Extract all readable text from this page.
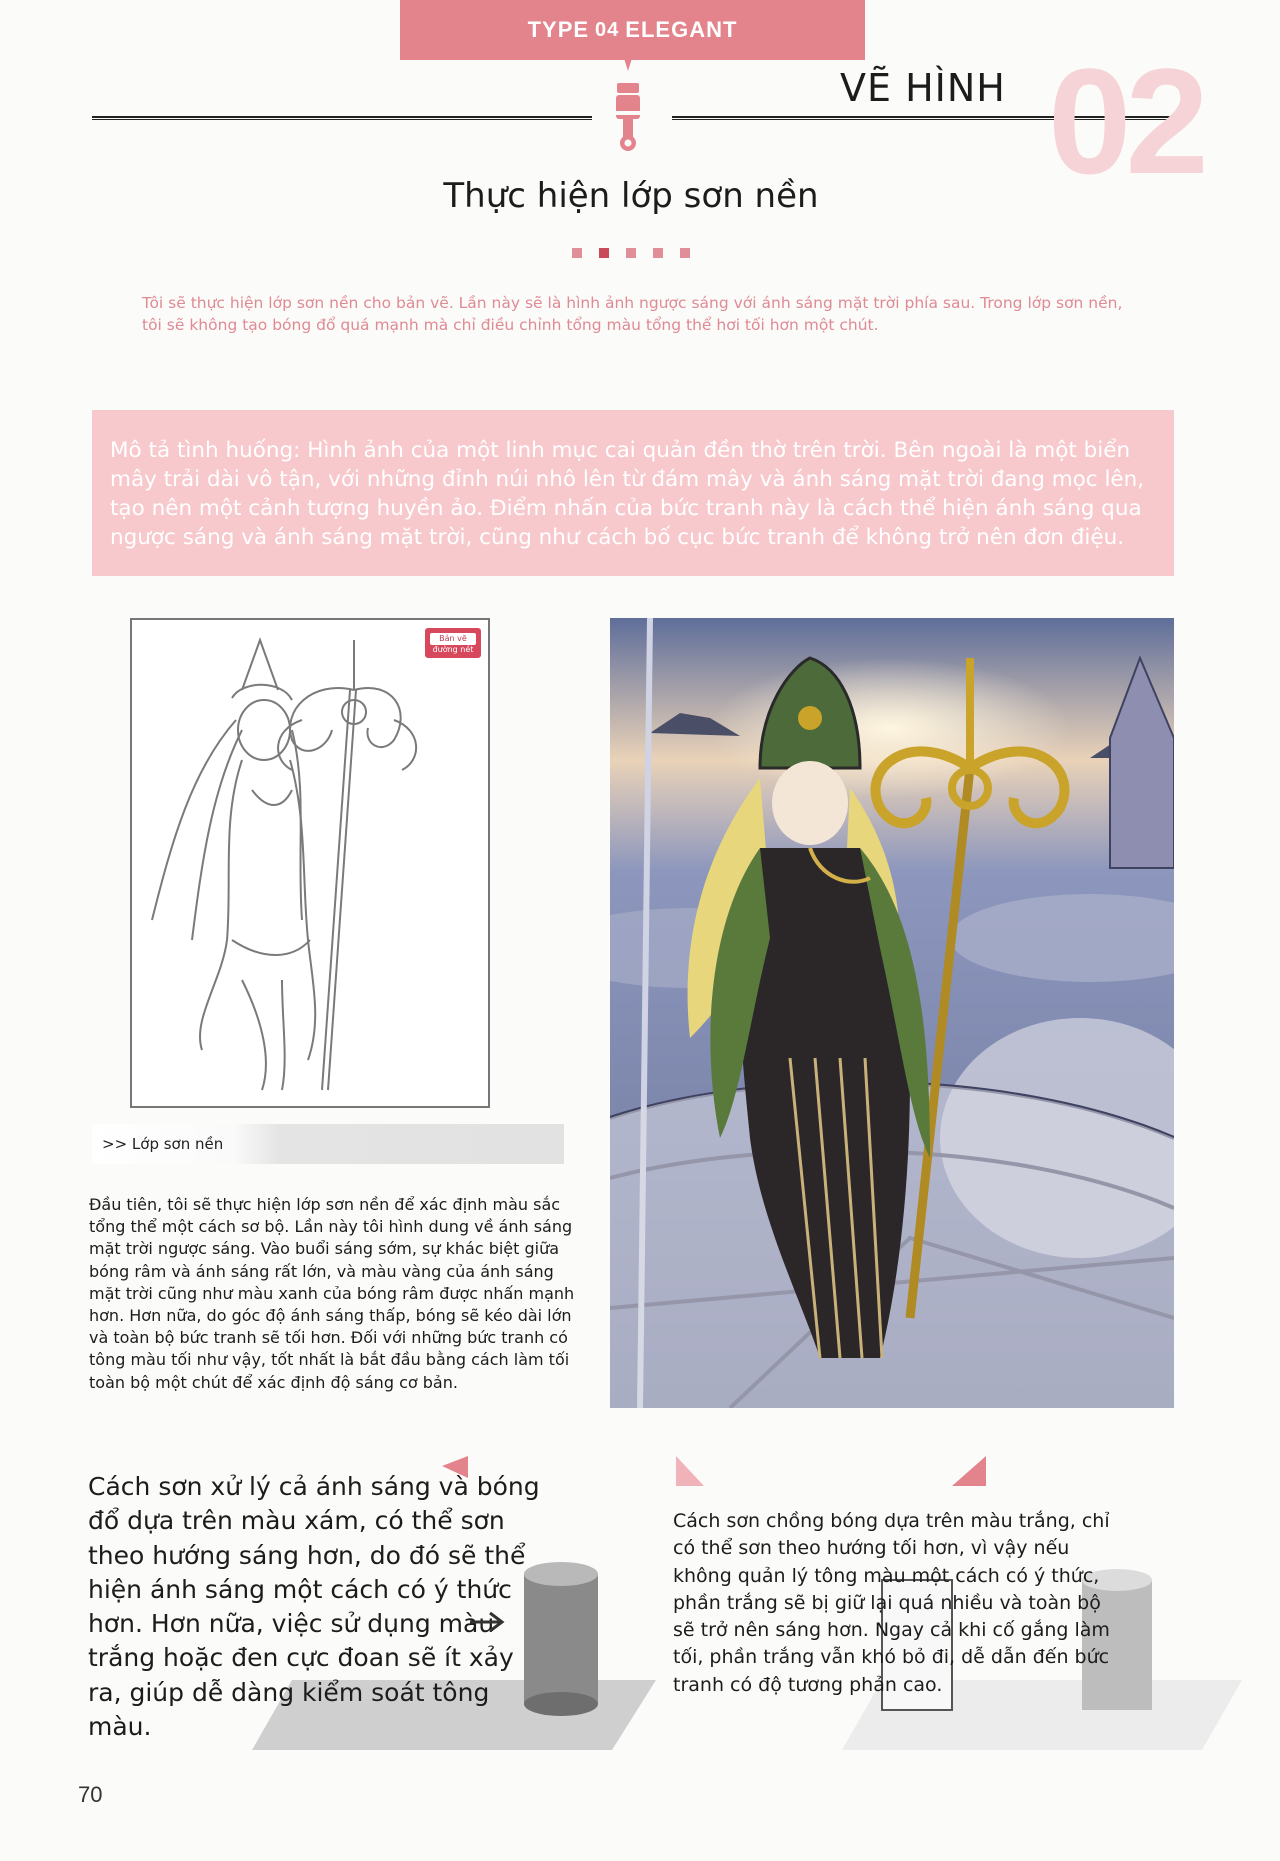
TYPE 04 ELEGANT
02
VẼ HÌNH
Thực hiện lớp sơn nền
Tôi sẽ thực hiện lớp sơn nền cho bản vẽ. Lần này sẽ là hình ảnh ngược sáng với ánh sáng mặt trời phía sau. Trong lớp sơn nền, tôi sẽ không tạo bóng đổ quá mạnh mà chỉ điều chỉnh tổng màu tổng thể hơi tối hơn một chút.
Mô tả tình huống: Hình ảnh của một linh mục cai quản đền thờ trên trời. Bên ngoài là một biển mây trải dài vô tận, với những đỉnh núi nhô lên từ đám mây và ánh sáng mặt trời đang mọc lên, tạo nên một cảnh tượng huyền ảo. Điểm nhấn của bức tranh này là cách thể hiện ánh sáng qua ngược sáng và ánh sáng mặt trời, cũng như cách bố cục bức tranh để không trở nên đơn điệu.
Bản vẽ
đường nét
>> Lớp sơn nền
Đầu tiên, tôi sẽ thực hiện lớp sơn nền để xác định màu sắc tổng thể một cách sơ bộ. Lần này tôi hình dung về ánh sáng mặt trời ngược sáng. Vào buổi sáng sớm, sự khác biệt giữa bóng râm và ánh sáng rất lớn, và màu vàng của ánh sáng mặt trời cũng như màu xanh của bóng râm được nhấn mạnh hơn. Hơn nữa, do góc độ ánh sáng thấp, bóng sẽ kéo dài lớn và toàn bộ bức tranh sẽ tối hơn. Đối với những bức tranh có tông màu tối như vậy, tốt nhất là bắt đầu bằng cách làm tối toàn bộ một chút để xác định độ sáng cơ bản.
Cách sơn xử lý cả ánh sáng và bóng đổ dựa trên màu xám, có thể sơn theo hướng sáng hơn, do đó sẽ thể hiện ánh sáng một cách có ý thức hơn. Hơn nữa, việc sử dụng màu trắng hoặc đen cực đoan sẽ ít xảy ra, giúp dễ dàng kiểm soát tông màu.
Cách sơn chồng bóng dựa trên màu trắng, chỉ có thể sơn theo hướng tối hơn, vì vậy nếu không quản lý tông màu một cách có ý thức, phần trắng sẽ bị giữ lại quá nhiều và toàn bộ sẽ trở nên sáng hơn. Ngay cả khi cố gắng làm tối, phần trắng vẫn khó bỏ đi, dễ dẫn đến bức tranh có độ tương phản cao.
70
